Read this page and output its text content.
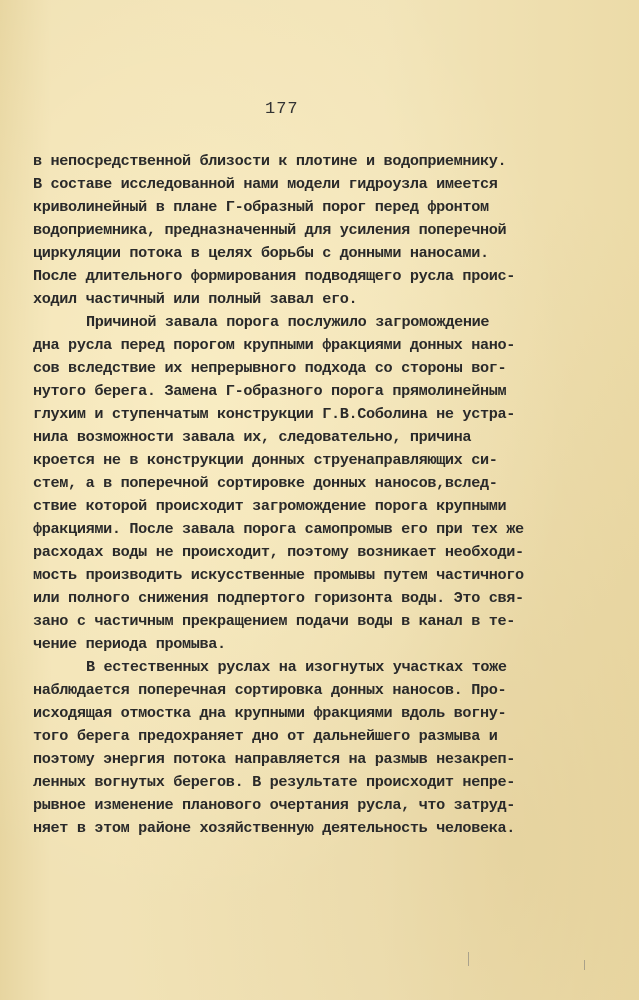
177
в непосредственной близости к плотине и водоприемнику.
В составе исследованной нами модели гидроузла имеется
криволинейный в плане Г-образный порог перед фронтом
водоприемника, предназначенный для усиления поперечной
циркуляции потока в целях борьбы с донными наносами.
После длительного формирования подводящего русла проис-
ходил частичный или полный завал его.
Причиной завала порога послужило загромождение
дна русла перед порогом крупными фракциями донных нано-
сов вследствие их непрерывного подхода со стороны вог-
нутого берега. Замена Г-образного порога прямолинейным
глухим и ступенчатым конструкции Г.В.Соболина не устра-
нила возможности завала их, следовательно, причина
кроется не в конструкции донных струенаправляющих си-
стем, а в поперечной сортировке донных наносов,вслед-
ствие которой происходит загромождение порога крупными
фракциями. После завала порога самопромыв его при тех же
расходах воды не происходит, поэтому возникает необходи-
мость производить искусственные промывы путем частичного
или полного снижения подпертого горизонта воды. Это свя-
зано с частичным прекращением подачи воды в канал в те-
чение периода промыва.
В естественных руслах на изогнутых участках тоже
наблюдается поперечная сортировка донных наносов. Про-
исходящая отмостка дна крупными фракциями вдоль вогну-
того берега предохраняет дно от дальнейшего размыва и
поэтому энергия потока направляется на размыв незакреп-
ленных вогнутых берегов. В результате происходит непре-
рывное изменение планового очертания русла, что затруд-
няет в этом районе хозяйственную деятельность человека.
